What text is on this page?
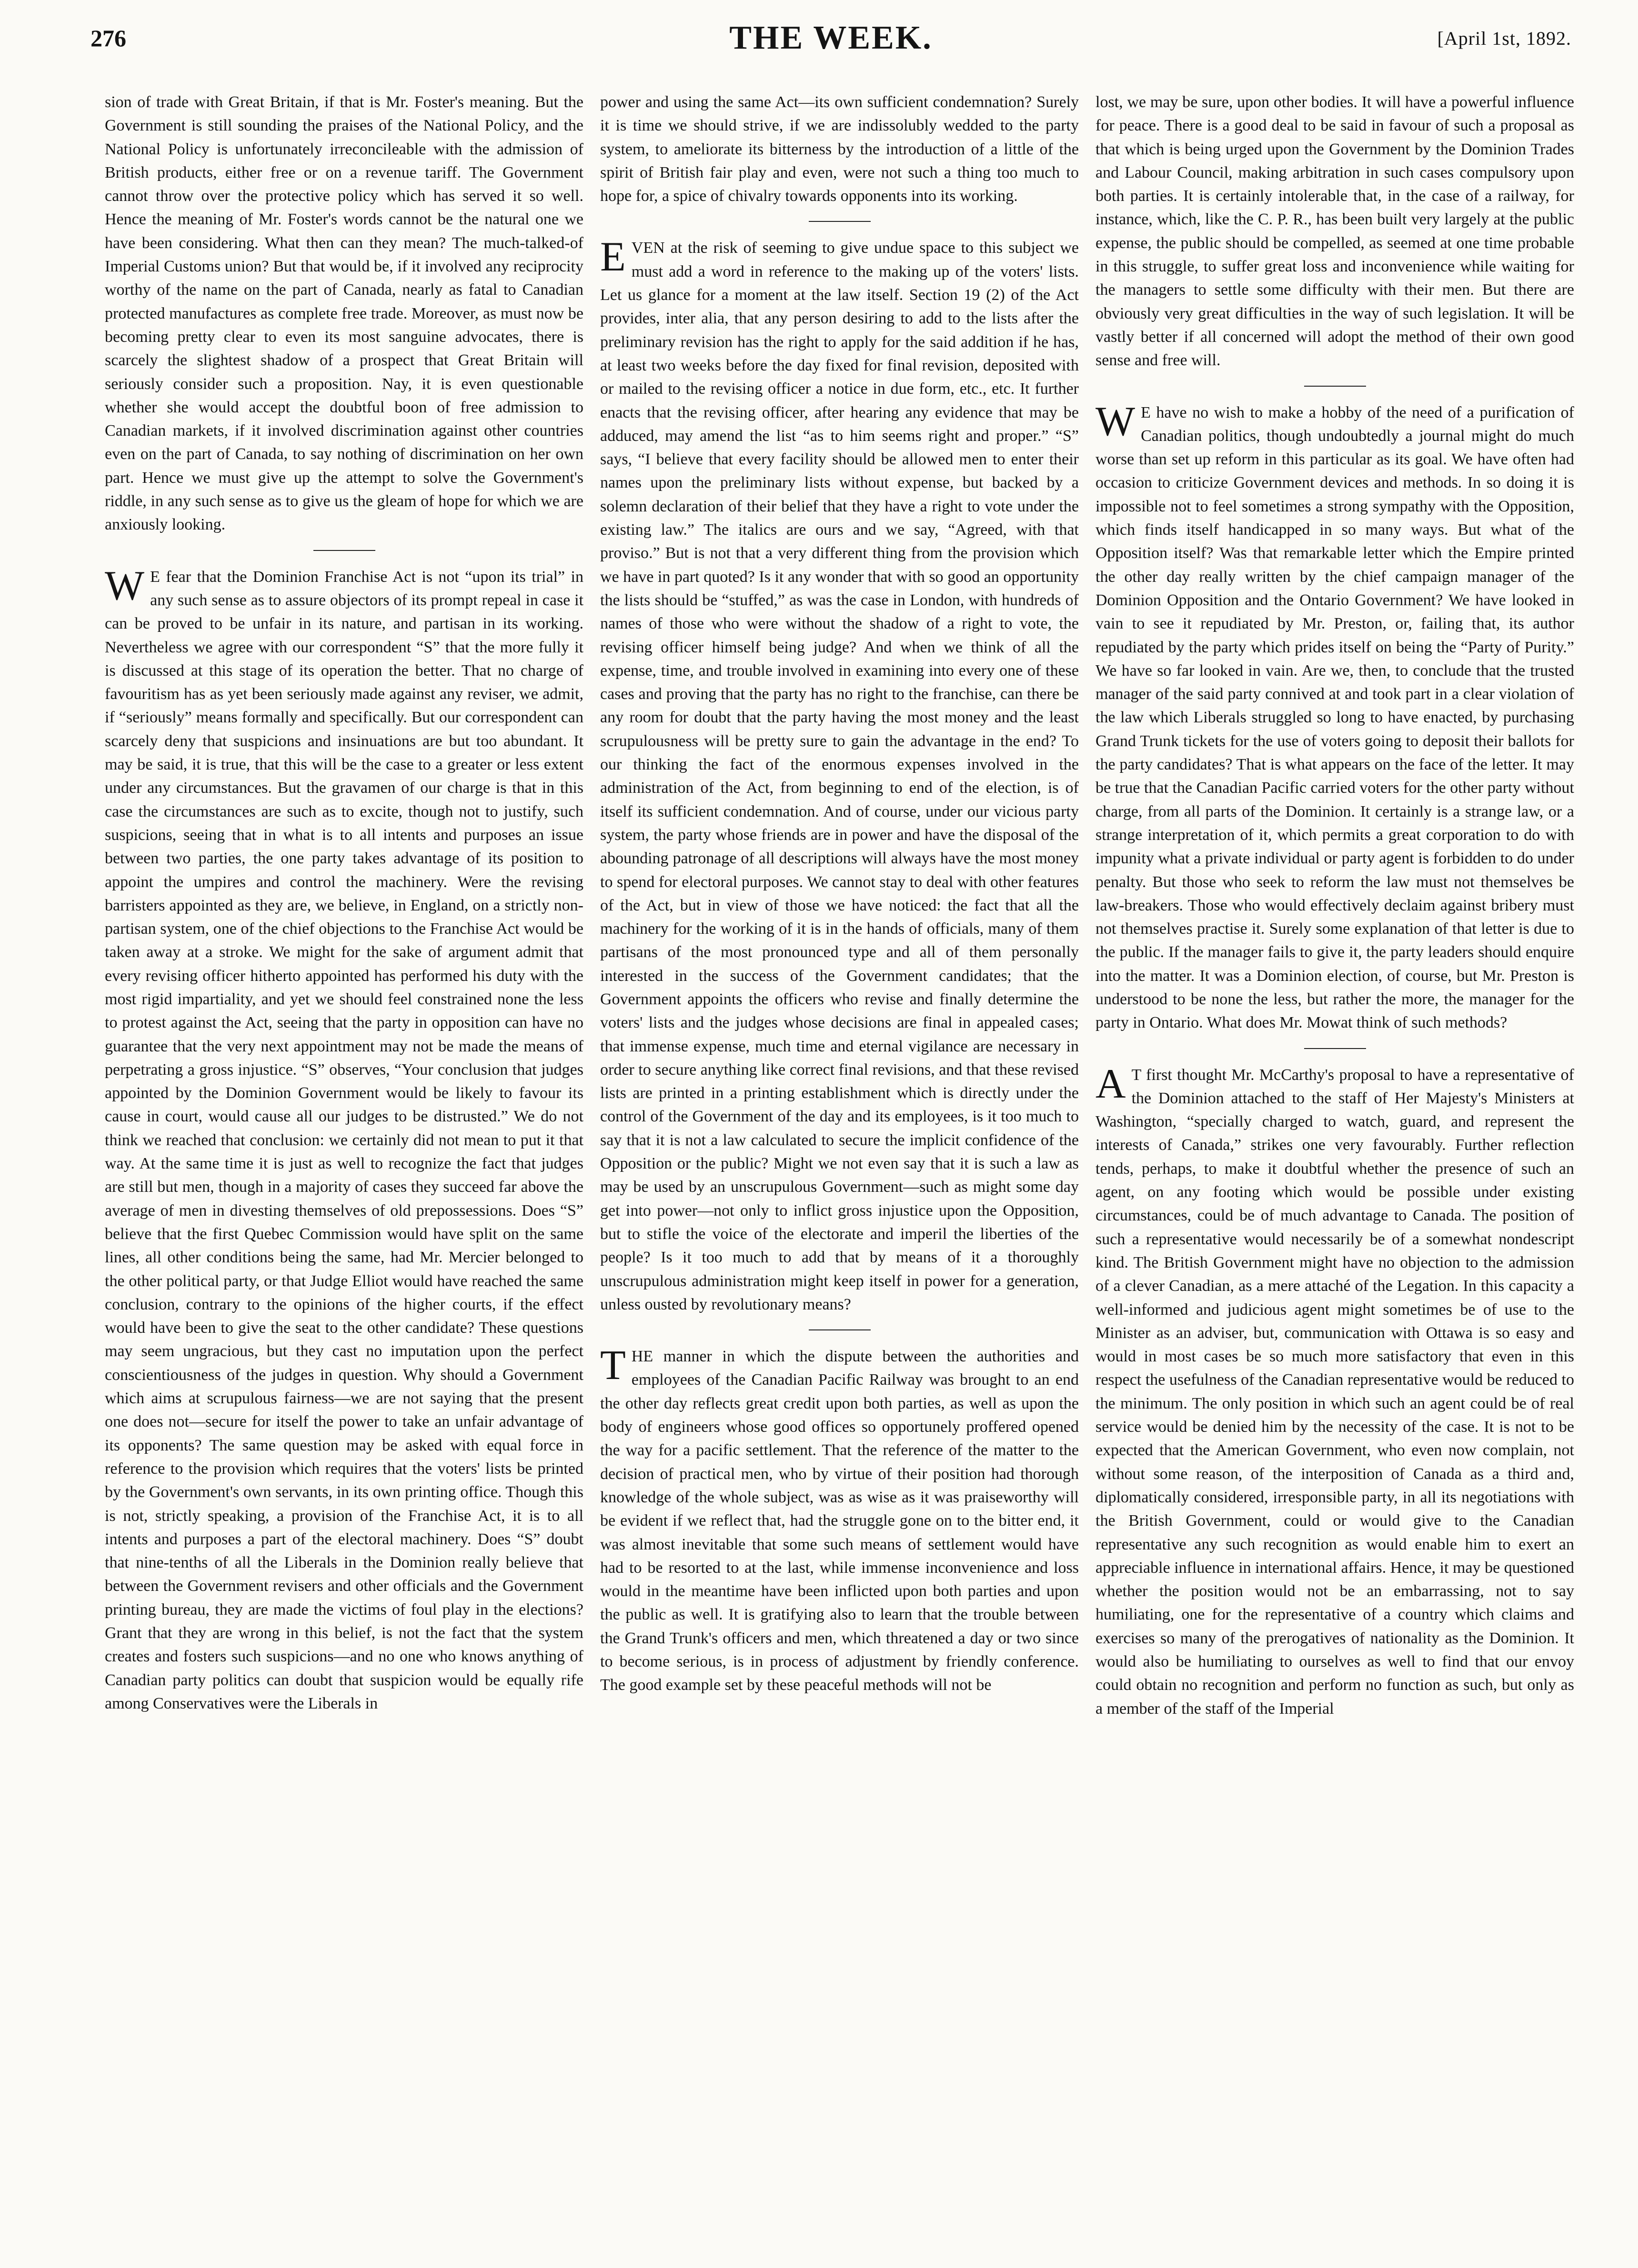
276	THE WEEK.	[April 1st, 1892.

sion of trade with Great Britain, if that is Mr. Foster's meaning. But the Government is still sounding the praises of the National Policy, and the National Policy is unfortunately irreconcileable with the admission of British products, either free or on a revenue tariff. The Government cannot throw over the protective policy which has served it so well. Hence the meaning of Mr. Foster's words cannot be the natural one we have been considering. What then can they mean? The much-talked-of Imperial Customs union? But that would be, if it involved any reciprocity worthy of the name on the part of Canada, nearly as fatal to Canadian protected manufactures as complete free trade. Moreover, as must now be becoming pretty clear to even its most sanguine advocates, there is scarcely the slightest shadow of a prospect that Great Britain will seriously consider such a proposition. Nay, it is even questionable whether she would accept the doubtful boon of free admission to Canadian markets, if it involved discrimination against other countries even on the part of Canada, to say nothing of discrimination on her own part. Hence we must give up the attempt to solve the Government's riddle, in any such sense as to give us the gleam of hope for which we are anxiously looking.

WE fear that the Dominion Franchise Act is not “upon its trial” in any such sense as to assure objectors of its prompt repeal in case it can be proved to be unfair in its nature, and partisan in its working. Nevertheless we agree with our correspondent “S” that the more fully it is discussed at this stage of its operation the better. That no charge of favouritism has as yet been seriously made against any reviser, we admit, if “seriously” means formally and specifically. But our correspondent can scarcely deny that suspicions and insinuations are but too abundant. It may be said, it is true, that this will be the case to a greater or less extent under any circumstances. But the gravamen of our charge is that in this case the circumstances are such as to excite, though not to justify, such suspicions, seeing that in what is to all intents and purposes an issue between two parties, the one party takes advantage of its position to appoint the umpires and control the machinery. Were the revising barristers appointed as they are, we believe, in England, on a strictly non-partisan system, one of the chief objections to the Franchise Act would be taken away at a stroke. We might for the sake of argument admit that every revising officer hitherto appointed has performed his duty with the most rigid impartiality, and yet we should feel constrained none the less to protest against the Act, seeing that the party in opposition can have no guarantee that the very next appointment may not be made the means of perpetrating a gross injustice. “S” observes, “Your conclusion that judges appointed by the Dominion Government would be likely to favour its cause in court, would cause all our judges to be distrusted.” We do not think we reached that conclusion: we certainly did not mean to put it that way. At the same time it is just as well to recognize the fact that judges are still but men, though in a majority of cases they succeed far above the average of men in divesting themselves of old prepossessions. Does “S” believe that the first Quebec Commission would have split on the same lines, all other conditions being the same, had Mr. Mercier belonged to the other political party, or that Judge Elliot would have reached the same conclusion, contrary to the opinions of the higher courts, if the effect would have been to give the seat to the other candidate? These questions may seem ungracious, but they cast no imputation upon the perfect conscientiousness of the judges in question. Why should a Government which aims at scrupulous fairness—we are not saying that the present one does not—secure for itself the power to take an unfair advantage of its opponents? The same question may be asked with equal force in reference to the provision which requires that the voters' lists be printed by the Government's own servants, in its own printing office. Though this is not, strictly speaking, a provision of the Franchise Act, it is to all intents and purposes a part of the electoral machinery. Does “S” doubt that nine-tenths of all the Liberals in the Dominion really believe that between the Government revisers and other officials and the Government printing bureau, they are made the victims of foul play in the elections? Grant that they are wrong in this belief, is not the fact that the system creates and fosters such suspicions—and no one who knows anything of Canadian party politics can doubt that suspicion would be equally rife among Conservatives were the Liberals in

power and using the same Act—its own sufficient condemnation? Surely it is time we should strive, if we are indissolubly wedded to the party system, to ameliorate its bitterness by the introduction of a little of the spirit of British fair play and even, were not such a thing too much to hope for, a spice of chivalry towards opponents into its working.

EVEN at the risk of seeming to give undue space to this subject we must add a word in reference to the making up of the voters' lists. Let us glance for a moment at the law itself. Section 19 (2) of the Act provides, inter alia, that any person desiring to add to the lists after the preliminary revision has the right to apply for the said addition if he has, at least two weeks before the day fixed for final revision, deposited with or mailed to the revising officer a notice in due form, etc., etc. It further enacts that the revising officer, after hearing any evidence that may be adduced, may amend the list “as to him seems right and proper.” “S” says, “I believe that every facility should be allowed men to enter their names upon the preliminary lists without expense, but backed by a solemn declaration of their belief that they have a right to vote under the existing law.” The italics are ours and we say, “Agreed, with that proviso.” But is not that a very different thing from the provision which we have in part quoted? Is it any wonder that with so good an opportunity the lists should be “stuffed,” as was the case in London, with hundreds of names of those who were without the shadow of a right to vote, the revising officer himself being judge? And when we think of all the expense, time, and trouble involved in examining into every one of these cases and proving that the party has no right to the franchise, can there be any room for doubt that the party having the most money and the least scrupulousness will be pretty sure to gain the advantage in the end? To our thinking the fact of the enormous expenses involved in the administration of the Act, from beginning to end of the election, is of itself its sufficient condemnation. And of course, under our vicious party system, the party whose friends are in power and have the disposal of the abounding patronage of all descriptions will always have the most money to spend for electoral purposes. We cannot stay to deal with other features of the Act, but in view of those we have noticed: the fact that all the machinery for the working of it is in the hands of officials, many of them partisans of the most pronounced type and all of them personally interested in the success of the Government candidates; that the Government appoints the officers who revise and finally determine the voters' lists and the judges whose decisions are final in appealed cases; that immense expense, much time and eternal vigilance are necessary in order to secure anything like correct final revisions, and that these revised lists are printed in a printing establishment which is directly under the control of the Government of the day and its employees, is it too much to say that it is not a law calculated to secure the implicit confidence of the Opposition or the public? Might we not even say that it is such a law as may be used by an unscrupulous Government—such as might some day get into power—not only to inflict gross injustice upon the Opposition, but to stifle the voice of the electorate and imperil the liberties of the people? Is it too much to add that by means of it a thoroughly unscrupulous administration might keep itself in power for a generation, unless ousted by revolutionary means?

THE manner in which the dispute between the authorities and employees of the Canadian Pacific Railway was brought to an end the other day reflects great credit upon both parties, as well as upon the body of engineers whose good offices so opportunely proffered opened the way for a pacific settlement. That the reference of the matter to the decision of practical men, who by virtue of their position had thorough knowledge of the whole subject, was as wise as it was praiseworthy will be evident if we reflect that, had the struggle gone on to the bitter end, it was almost inevitable that some such means of settlement would have had to be resorted to at the last, while immense inconvenience and loss would in the meantime have been inflicted upon both parties and upon the public as well. It is gratifying also to learn that the trouble between the Grand Trunk's officers and men, which threatened a day or two since to become serious, is in process of adjustment by friendly conference. The good example set by these peaceful methods will not be

lost, we may be sure, upon other bodies. It will have a powerful influence for peace. There is a good deal to be said in favour of such a proposal as that which is being urged upon the Government by the Dominion Trades and Labour Council, making arbitration in such cases compulsory upon both parties. It is certainly intolerable that, in the case of a railway, for instance, which, like the C. P. R., has been built very largely at the public expense, the public should be compelled, as seemed at one time probable in this struggle, to suffer great loss and inconvenience while waiting for the managers to settle some difficulty with their men. But there are obviously very great difficulties in the way of such legislation. It will be vastly better if all concerned will adopt the method of their own good sense and free will.

WE have no wish to make a hobby of the need of a purification of Canadian politics, though undoubtedly a journal might do much worse than set up reform in this particular as its goal. We have often had occasion to criticize Government devices and methods. In so doing it is impossible not to feel sometimes a strong sympathy with the Opposition, which finds itself handicapped in so many ways. But what of the Opposition itself? Was that remarkable letter which the Empire printed the other day really written by the chief campaign manager of the Dominion Opposition and the Ontario Government? We have looked in vain to see it repudiated by Mr. Preston, or, failing that, its author repudiated by the party which prides itself on being the “Party of Purity.” We have so far looked in vain. Are we, then, to conclude that the trusted manager of the said party connived at and took part in a clear violation of the law which Liberals struggled so long to have enacted, by purchasing Grand Trunk tickets for the use of voters going to deposit their ballots for the party candidates? That is what appears on the face of the letter. It may be true that the Canadian Pacific carried voters for the other party without charge, from all parts of the Dominion. It certainly is a strange law, or a strange interpretation of it, which permits a great corporation to do with impunity what a private individual or party agent is forbidden to do under penalty. But those who seek to reform the law must not themselves be law-breakers. Those who would effectively declaim against bribery must not themselves practise it. Surely some explanation of that letter is due to the public. If the manager fails to give it, the party leaders should enquire into the matter. It was a Dominion election, of course, but Mr. Preston is understood to be none the less, but rather the more, the manager for the party in Ontario. What does Mr. Mowat think of such methods?

AT first thought Mr. McCarthy's proposal to have a representative of the Dominion attached to the staff of Her Majesty's Ministers at Washington, “specially charged to watch, guard, and represent the interests of Canada,” strikes one very favourably. Further reflection tends, perhaps, to make it doubtful whether the presence of such an agent, on any footing which would be possible under existing circumstances, could be of much advantage to Canada. The position of such a representative would necessarily be of a somewhat nondescript kind. The British Government might have no objection to the admission of a clever Canadian, as a mere attaché of the Legation. In this capacity a well-informed and judicious agent might sometimes be of use to the Minister as an adviser, but, communication with Ottawa is so easy and would in most cases be so much more satisfactory that even in this respect the usefulness of the Canadian representative would be reduced to the minimum. The only position in which such an agent could be of real service would be denied him by the necessity of the case. It is not to be expected that the American Government, who even now complain, not without some reason, of the interposition of Canada as a third and, diplomatically considered, irresponsible party, in all its negotiations with the British Government, could or would give to the Canadian representative any such recognition as would enable him to exert an appreciable influence in international affairs. Hence, it may be questioned whether the position would not be an embarrassing, not to say humiliating, one for the representative of a country which claims and exercises so many of the prerogatives of nationality as the Dominion. It would also be humiliating to ourselves as well to find that our envoy could obtain no recognition and perform no function as such, but only as a member of the staff of the Imperial
